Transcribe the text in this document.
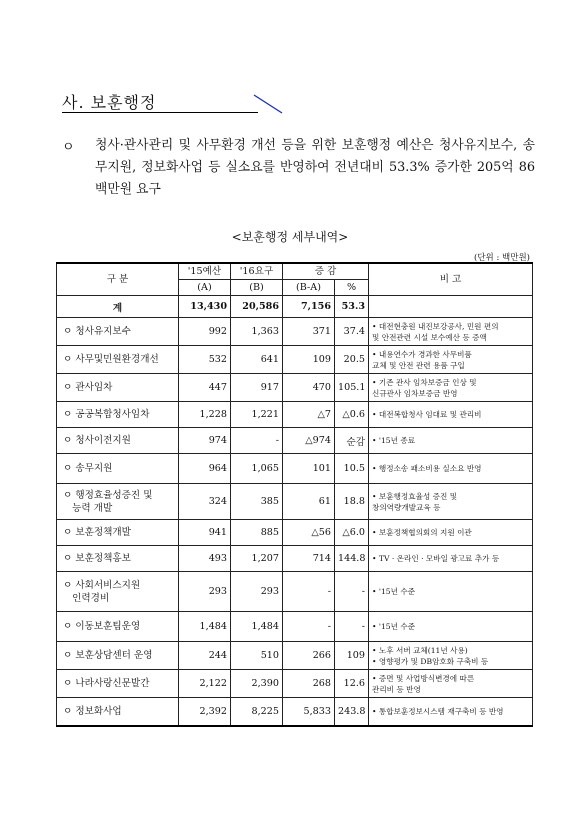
사. 보훈행정
ㅇ 청사·관사관리 및 사무환경 개선 등을 위한 보훈행정 예산은 청사유지보수, 송무지원, 정보화사업 등 실소요를 반영하여 전년대비 53.3% 증가한 205억 86백만원 요구
<보훈행정 세부내역>
(단위 : 백만원)
구 분	'15예산	'16요구	증 감		비 고
	(A)	(B)	(B-A)	%	
계	13,430	20,586	7,156	53.3	

ㅇ 청사유지보수	992	1,363	371	37.4	• 대전현충원 내진보강공사, 민원 편의
및 안전관련 시설 보수예산 등 증액

ㅇ 사무및민원환경개선	532	641	109	20.5	• 내용연수가 경과한 사무비품
교체 및 안전 관련 용품 구입

ㅇ 관사임차	447	917	470	105.1	• 기존 관사 임차보증금 인상 및
신규관사 임차보증금 반영

ㅇ 공공복합청사임차	1,228	1,221	△7	△0.6	• 대전복합청사 임대료 및 관리비

ㅇ 청사이전지원	974	-	△974	순감	• '15년 종료

ㅇ 송무지원	964	1,065	101	10.5	• 행정소송 패소비용 실소요 반영

ㅇ 행정효율성증진 및
능력 개발	324	385	61	18.8	• 보훈행정효율성 증진 및
창의역량개발교육 등

ㅇ 보훈정책개발	941	885	△56	△6.0	• 보훈정책협의회의 지원 이관

ㅇ 보훈정책홍보	493	1,207	714	144.8	• TV · 온라인 · 모바일 광고료 추가 등

ㅇ 사회서비스지원
인력경비	293	293	-	-	• '15년 수준

ㅇ 이동보훈팀운영	1,484	1,484	-	-	• '15년 수준

ㅇ 보훈상담센터 운영	244	510	266	109	• 노후 서버 교체(11년 사용)
• 영향평가 및 DB암호화 구축비 등

ㅇ 나라사랑신문발간	2,122	2,390	268	12.6	• 증면 및 사업방식변경에 따른
관리비 등 반영

ㅇ 정보화사업	2,392	8,225	5,833	243.8	• 통합보훈정보시스템 재구축비 등 반영
